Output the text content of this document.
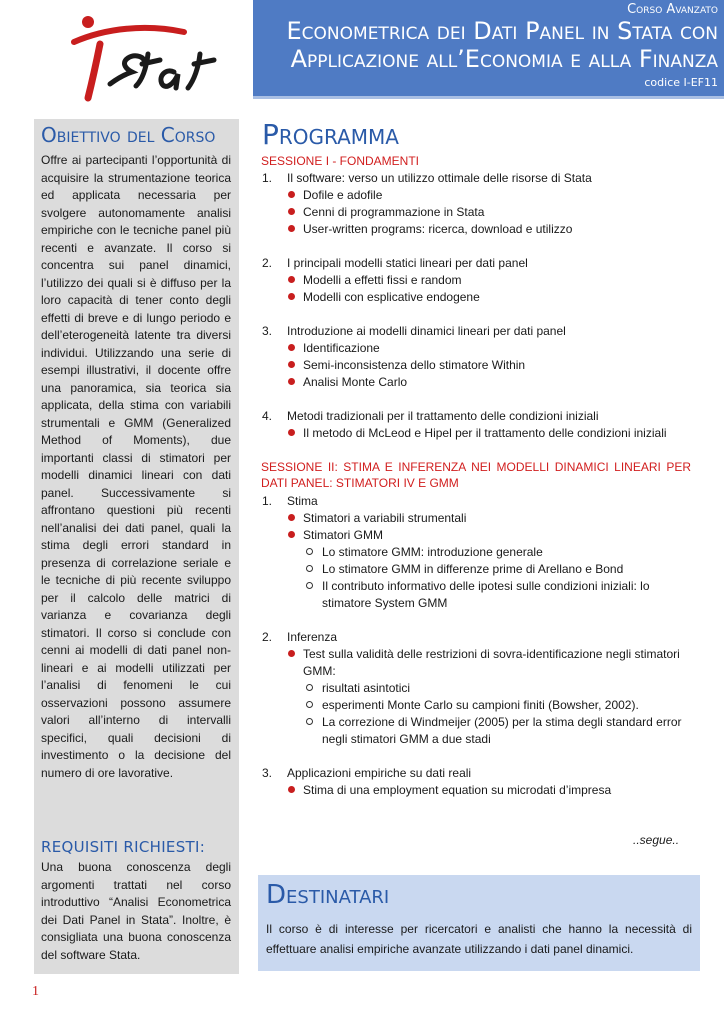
Corso Avanzato
Econometrica dei Dati Panel in Stata con
Applicazione all’Economia e alla Finanza
codice I-EF11
Obiettivo del Corso
Offre ai partecipanti l’opportunità di acquisire la strumentazione teorica ed applicata necessaria per svolgere autonomamente analisi empiriche con le tecniche panel più recenti e avanzate. Il corso si concentra sui panel dinamici, l’utilizzo dei quali si è diffuso per la loro capacità di tener conto degli effetti di breve e di lungo periodo e dell’eterogeneità latente tra diversi individui. Utilizzando una serie di esempi illustrativi, il docente offre una panoramica, sia teorica sia applicata, della stima con variabili strumentali e GMM (Generalized Method of Moments), due importanti classi di stimatori per modelli dinamici lineari con dati panel. Successivamente si affrontano questioni più recenti nell’analisi dei dati panel, quali la stima degli errori standard in presenza di correlazione seriale e le tecniche di più recente sviluppo per il calcolo delle matrici di varianza e covarianza degli stimatori. Il corso si conclude con cenni ai modelli di dati panel non-lineari e ai modelli utilizzati per l’analisi di fenomeni le cui osservazioni possono assumere valori all’interno di intervalli specifici, quali decisioni di investimento o la decisione del numero di ore lavorative.
REQUISITI RICHIESTI:
Una buona conoscenza degli argomenti trattati nel corso introduttivo “Analisi Econometrica dei Dati Panel in Stata”. Inoltre, è consigliata una buona conoscenza del software Stata.
Programma
SESSIONE I - FONDAMENTI
1. Il software: verso un utilizzo ottimale delle risorse di Stata
Dofile e adofile
Cenni di programmazione in Stata
User-written programs: ricerca, download e utilizzo
2. I principali modelli statici lineari per dati panel
Modelli a effetti fissi e random
Modelli con esplicative endogene
3. Introduzione ai modelli dinamici lineari per dati panel
Identificazione
Semi-inconsistenza dello stimatore Within
Analisi Monte Carlo
4. Metodi tradizionali per il trattamento delle condizioni iniziali
Il metodo di McLeod e Hipel per il trattamento delle condizioni iniziali
SESSIONE II: STIMA E INFERENZA NEI MODELLI DINAMICI LINEARI PER DATI PANEL: STIMATORI IV E GMM
1. Stima
Stimatori a variabili strumentali
Stimatori GMM
Lo stimatore GMM: introduzione generale
Lo stimatore GMM in differenze prime di Arellano e Bond
Il contributo informativo delle ipotesi sulle condizioni iniziali: lo
stimatore System GMM
2. Inferenza
Test sulla validità delle restrizioni di sovra-identificazione negli stimatori
GMM:
risultati asintotici
esperimenti Monte Carlo su campioni finiti (Bowsher, 2002).
La correzione di Windmeijer (2005) per la stima degli standard error
negli stimatori GMM a due stadi
3. Applicazioni empiriche su dati reali
Stima di una employment equation su microdati d’impresa
..segue..
Destinatari
Il corso è di interesse per ricercatori e analisti che hanno la necessità di effettuare analisi empiriche avanzate utilizzando i dati panel dinamici.
1
